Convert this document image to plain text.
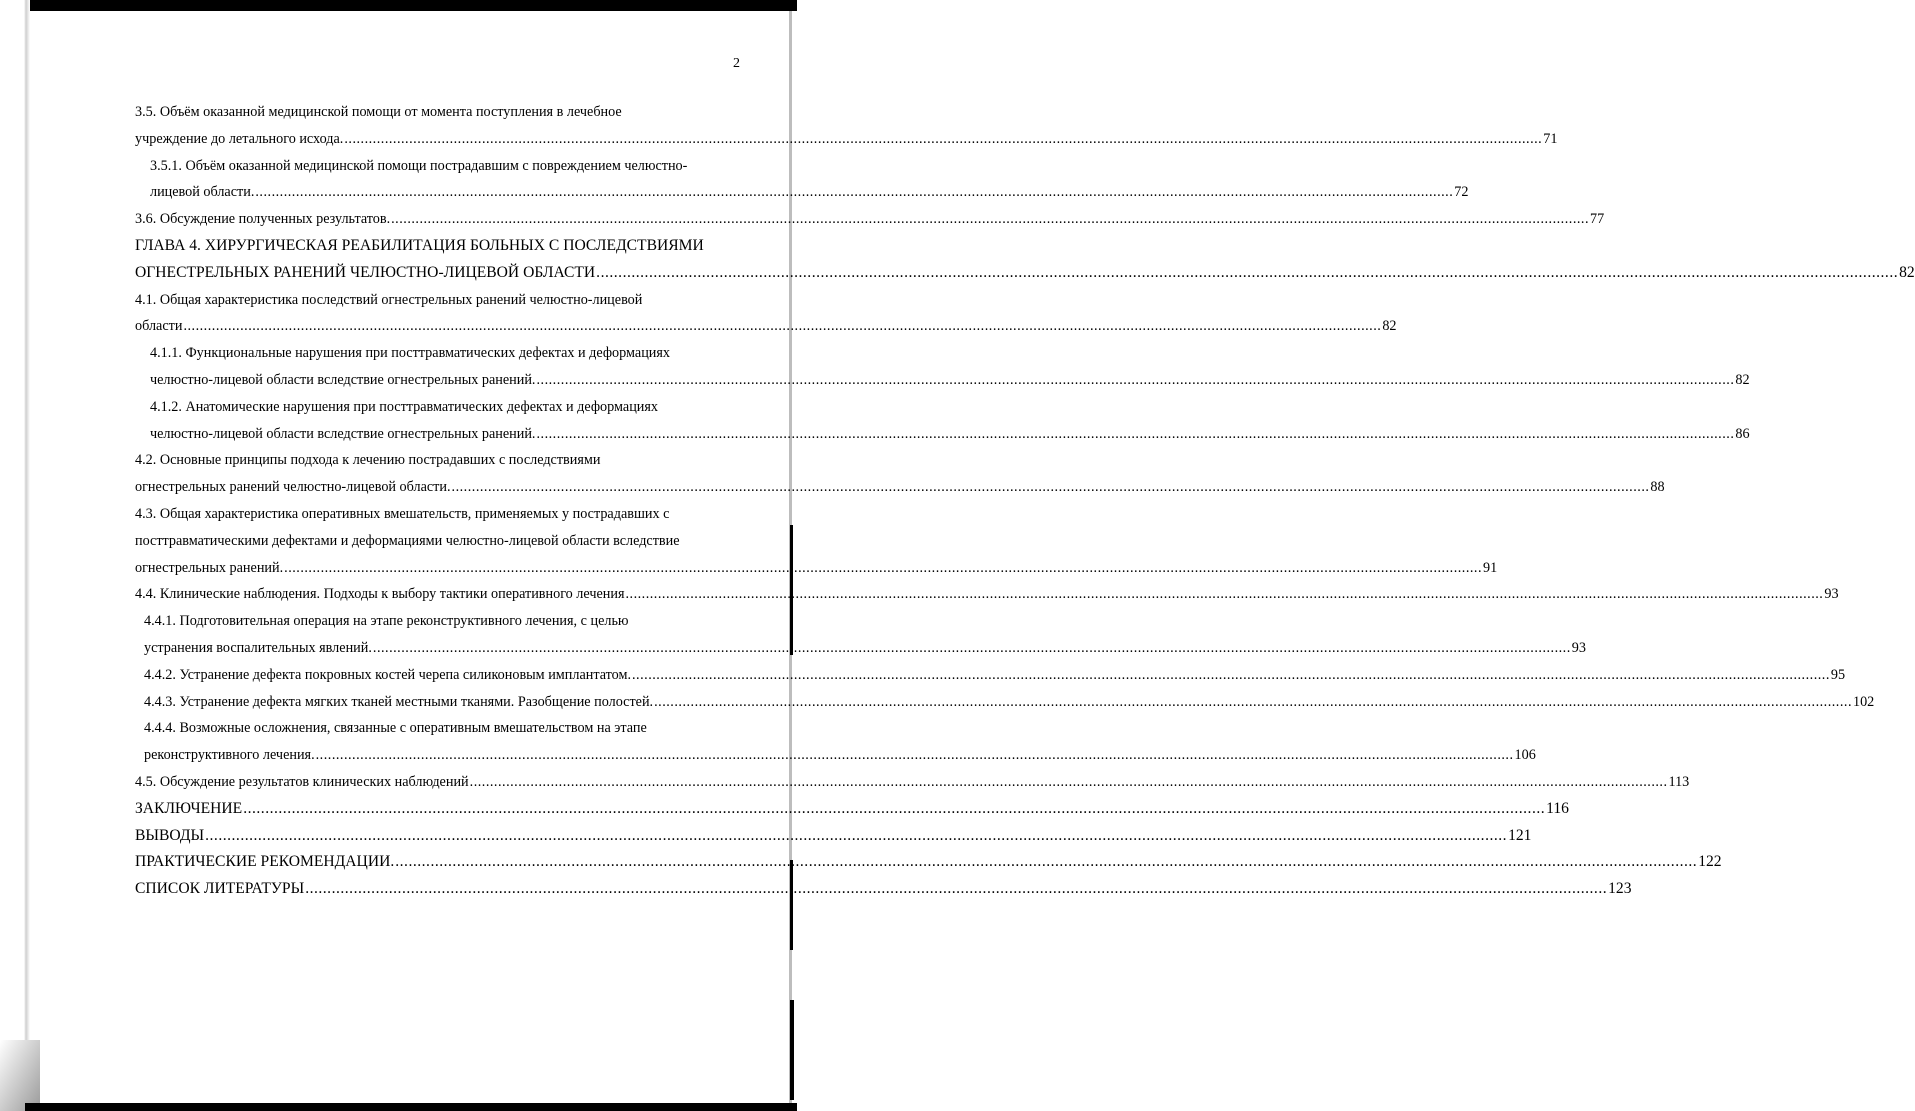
2
3.5. Объём оказанной медицинской помощи от момента поступления в лечебное
учреждение до летального исхода. .....	71
3.5.1. Объём оказанной медицинской помощи пострадавшим с повреждением челюстно-
лицевой области. .....	72
3.6. Обсуждение полученных результатов. .....	77
ГЛАВА 4. ХИРУРГИЧЕСКАЯ РЕАБИЛИТАЦИЯ БОЛЬНЫХ С ПОСЛЕДСТВИЯМИ
ОГНЕСТРЕЛЬНЫХ РАНЕНИЙ ЧЕЛЮСТНО-ЛИЦЕВОЙ ОБЛАСТИ .....	82
4.1. Общая характеристика последствий огнестрельных ранений челюстно-лицевой
области .....	82
4.1.1. Функциональные нарушения при посттравматических дефектах и деформациях
челюстно-лицевой области вследствие огнестрельных ранений. .....	82
4.1.2. Анатомические нарушения при посттравматических дефектах и деформациях
челюстно-лицевой области вследствие огнестрельных ранений. .....	86
4.2. Основные принципы подхода к лечению пострадавших с последствиями
огнестрельных ранений челюстно-лицевой области. .....	88
4.3. Общая характеристика оперативных вмешательств, применяемых у пострадавших с
посттравматическими дефектами и деформациями челюстно-лицевой области вследствие
огнестрельных ранений. .....	91
4.4. Клинические наблюдения. Подходы к выбору тактики оперативного лечения .....	93
4.4.1. Подготовительная операция на этапе реконструктивного лечения, с целью
устранения воспалительных явлений. .....	93
4.4.2. Устранение дефекта покровных костей черепа силиконовым имплантатом. .....	95
4.4.3. Устранение дефекта мягких тканей местными тканями. Разобщение полостей. .....	102
4.4.4. Возможные осложнения, связанные с оперативным вмешательством на этапе
реконструктивного лечения. .....	106
4.5. Обсуждение результатов клинических наблюдений .....	113
ЗАКЛЮЧЕНИЕ .....	116
ВЫВОДЫ .....	121
ПРАКТИЧЕСКИЕ РЕКОМЕНДАЦИИ. .....	122
СПИСОК ЛИТЕРАТУРЫ .....	123
